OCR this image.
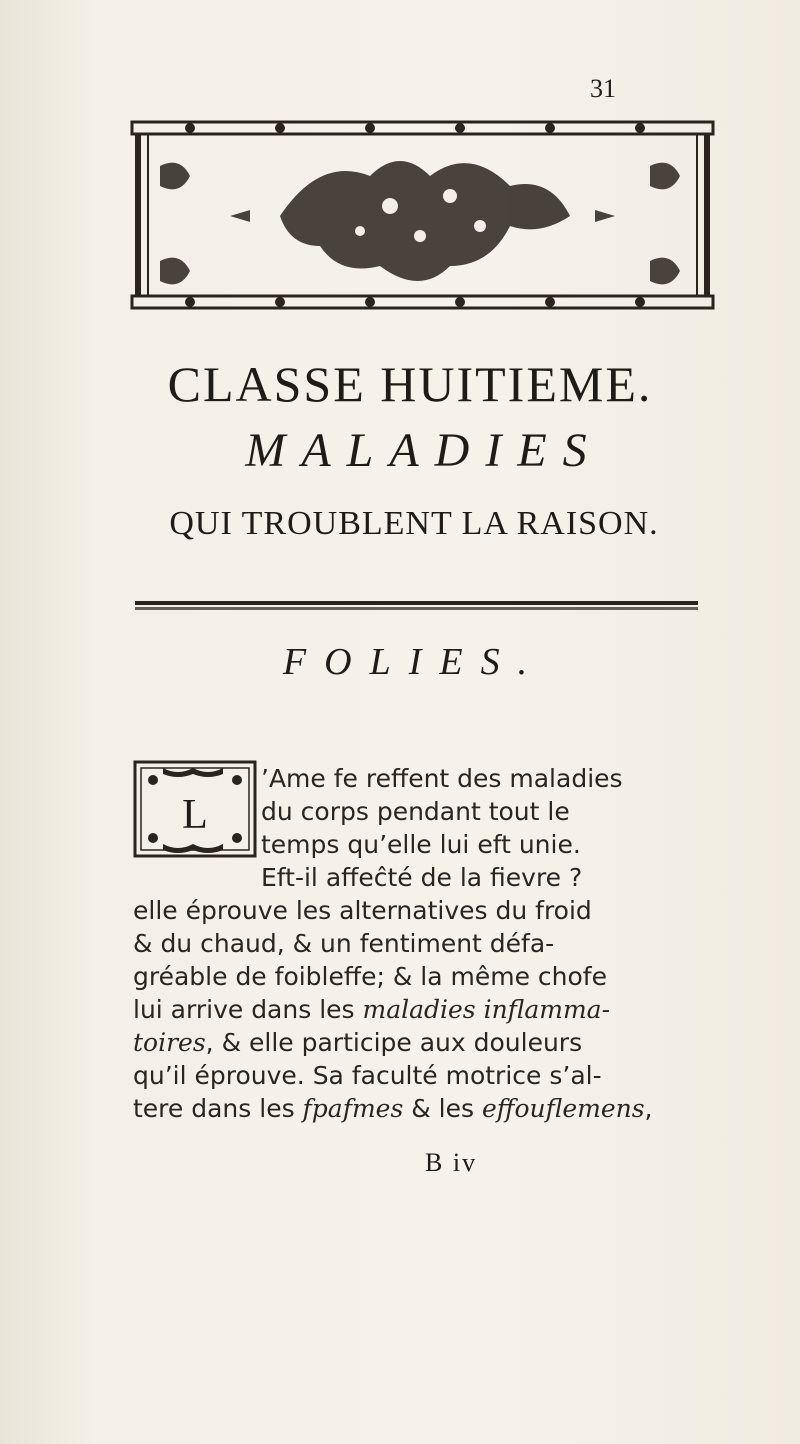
31
CLASSE HUITIEME.
MALADIES
QUI TROUBLENT LA RAISON.
FOLIES.
L
’Ame fe reffent des maladies
du corps pendant tout le
temps qu’elle lui eft unie.
Eft-il affeĉté de la fievre ?
elle éprouve les alternatives du froid
& du chaud, & un fentiment défa-
gréable de foibleffe; & la même chofe
lui arrive dans les maladies inflamma-
toires, & elle participe aux douleurs
qu’il éprouve. Sa faculté motrice s’al-
tere dans les fpafmes & les effouflemens,
B iv
